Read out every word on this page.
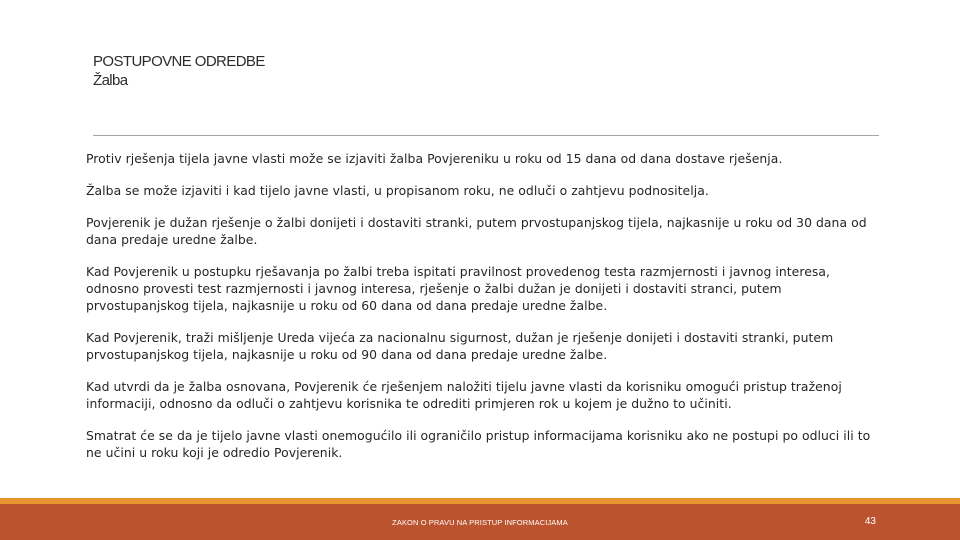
POSTUPOVNE ODREDBE
Žalba

Protiv rješenja tijela javne vlasti može se izjaviti žalba Povjereniku u roku od 15 dana od dana dostave rješenja.

Žalba se može izjaviti i kad tijelo javne vlasti, u propisanom roku, ne odluči o zahtjevu podnositelja.

Povjerenik je dužan rješenje o žalbi donijeti i dostaviti stranki, putem prvostupanjskog tijela, najkasnije u roku od 30 dana od dana predaje uredne žalbe.

Kad Povjerenik u postupku rješavanja po žalbi treba ispitati pravilnost provedenog testa razmjernosti i javnog interesa, odnosno provesti test razmjernosti i javnog interesa, rješenje o žalbi dužan je donijeti i dostaviti stranci, putem prvostupanjskog tijela, najkasnije u roku od 60 dana od dana predaje uredne žalbe.

Kad Povjerenik, traži mišljenje Ureda vijeća za nacionalnu sigurnost, dužan je rješenje donijeti i dostaviti stranki, putem prvostupanjskog tijela, najkasnije u roku od 90 dana od dana predaje uredne žalbe.

Kad utvrdi da je žalba osnovana, Povjerenik će rješenjem naložiti tijelu javne vlasti da korisniku omogući pristup traženoj informaciji, odnosno da odluči o zahtjevu korisnika te odrediti primjeren rok u kojem je dužno to učiniti.

Smatrat će se da je tijelo javne vlasti onemogućilo ili ograničilo pristup informacijama korisniku ako ne postupi po odluci ili to ne učini u roku koji je odredio Povjerenik.

ZAKON O PRAVU NA PRISTUP INFORMACIJAMA	43
